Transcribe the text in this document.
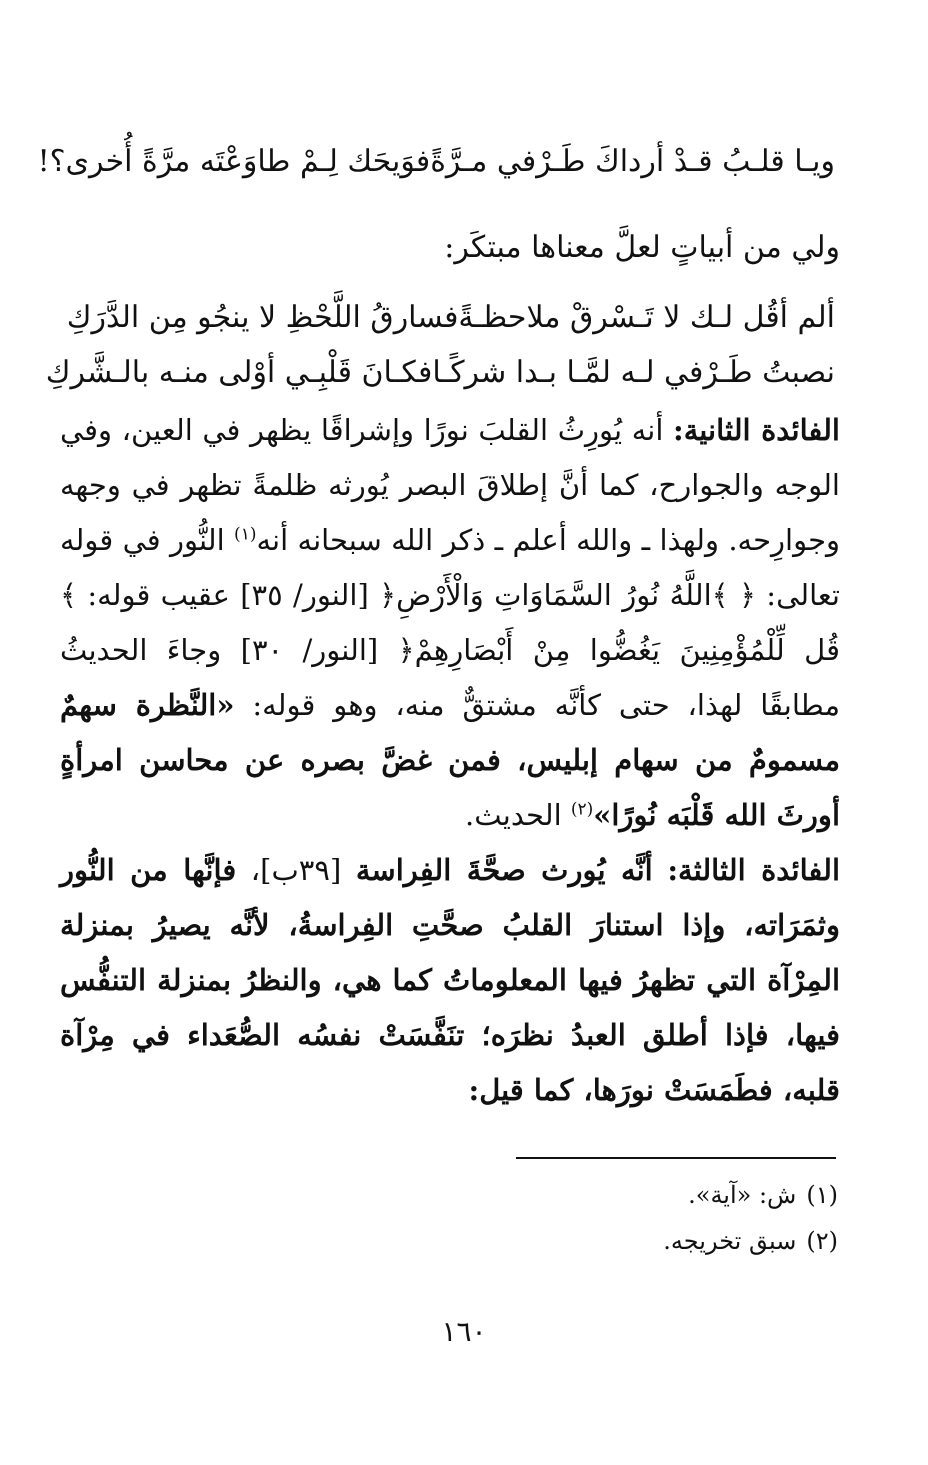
ويـا قلـبُ قـدْ أرداكَ طَـرْفي مـرَّةً
فوَيحَك لِـمْ طاوَعْتَه مرَّةً أُخرى؟!
ولي من أبياتٍ لعلَّ معناها مبتكَر:
ألم أقُل لـك لا تَـسْرقْ ملاحظـةً
فسارقُ اللَّحْظِ لا ينجُو مِن الدَّرَكِ
نصبتُ طَـرْفي لـه لمَّـا بـدا شركًـا
فكـانَ قَلْبِـي أوْلى منـه بالـشَّركِ

الفائدة الثانية: أنه يُورِثُ القلبَ نورًا وإشراقًا يظهر في العين، وفي الوجه والجوارح، كما أنَّ إطلاقَ البصر يُورثه ظلمةً تظهر في وجهه وجوارِحه. ولهذا ـ والله أعلم ـ ذكر الله سبحانه أنه$^{(١)}$ النُّور في قوله تعالى: ﴿ ﴾اللَّهُ نُورُ السَّمَاوَاتِ وَالْأَرْضِ﴿ [النور/ ٣٥] عقيب قوله: ﴾قُل لِّلْمُؤْمِنِينَ يَغُضُّوا مِنْ أَبْصَارِهِمْ﴿ [النور/ ٣٠] وجاءَ الحديثُ مطابقًا لهذا، حتى كأنَّه مشتقٌّ منه، وهو قوله: «النَّظرة سهمٌ مسمومٌ من سهام إبليس، فمن غضَّ بصره عن محاسن امرأةٍ أورثَ الله قَلْبَه نُورًا»$^{(٢)}$ الحديث.

الفائدة الثالثة: أنَّه يُورث صحَّةَ الفِراسة [٣٩ب]، فإنَّها من النُّور وثمَرَاته، وإذا استنارَ القلبُ صحَّتِ الفِراسةُ، لأنَّه يصيرُ بمنزلة المِرْآة التي تظهرُ فيها المعلوماتُ كما هي، والنظرُ بمنزلة التنفُّس فيها، فإذا أطلق العبدُ نظرَه؛ تنَفَّسَتْ نفسُه الصُّعَداء في مِرْآة قلبه، فطَمَسَتْ نورَها، كما قيل:

(١)ش: «آية».
(٢)سبق تخريجه.
١٦٠
